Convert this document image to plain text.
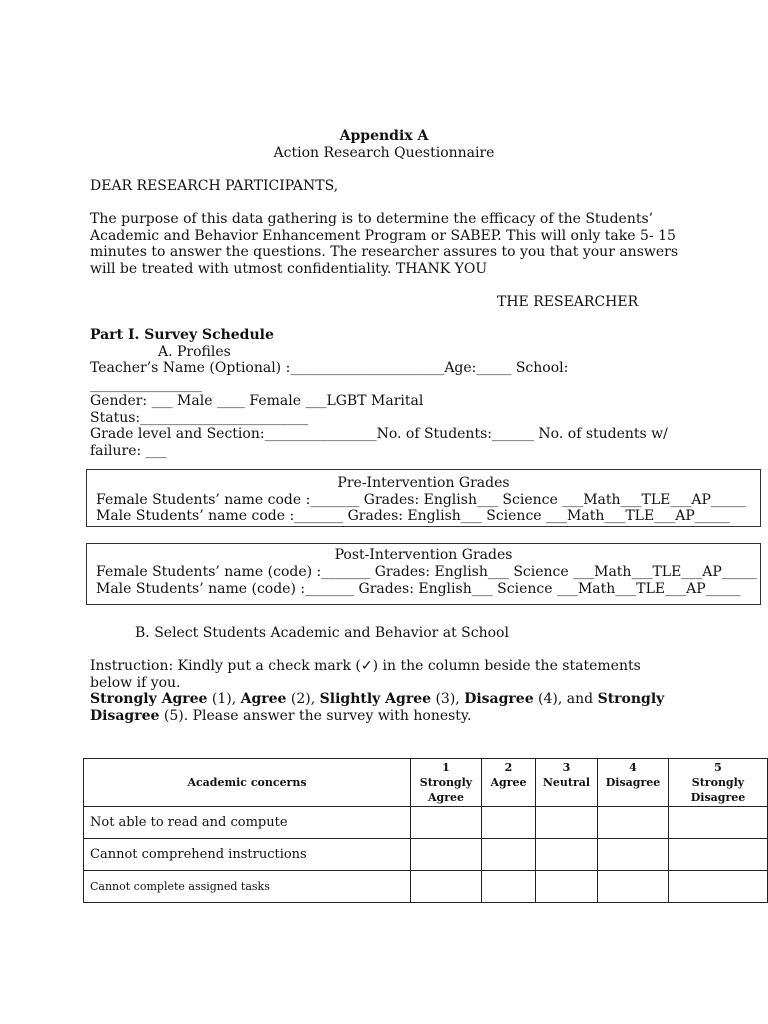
Appendix A
Action Research Questionnaire
DEAR RESEARCH PARTICIPANTS,
The purpose of this data gathering is to determine the efficacy of the Students’
Academic and Behavior Enhancement Program or SABEP. This will only take 5- 15
minutes to answer the questions. The researcher assures to you that your answers
will be treated with utmost confidentiality. THANK YOU
THE RESEARCHER
Part I. Survey Schedule
A. Profiles
Teacher’s Name (Optional) :______________________Age:_____ School:
________________
Gender: ___ Male ____ Female ___LGBT Marital
Status:________________________
Grade level and Section:________________No. of Students:______ No. of students w/
failure: ___
Pre-Intervention Grades
Female Students’ name code :_______ Grades: English___ Science ___Math___TLE___AP_____
Male Students’ name code :_______ Grades: English___ Science ___Math___TLE___AP_____
Post-Intervention Grades
Female Students’ name (code) :_______ Grades: English___ Science ___Math___TLE___AP_____
Male Students’ name (code) :_______ Grades: English___ Science ___Math___TLE___AP_____
B. Select Students Academic and Behavior at School
Instruction: Kindly put a check mark (✓) in the column beside the statements
below if you.
Strongly Agree (1), Agree (2), Slightly Agree (3), Disagree (4), and Strongly
Disagree (5). Please answer the survey with honesty.
Academic concerns	1
Strongly
Agree	2
Agree	3
Neutral	4
Disagree	5
Strongly
Disagree
Not able to read and compute					
Cannot comprehend instructions					
Cannot complete assigned tasks					
